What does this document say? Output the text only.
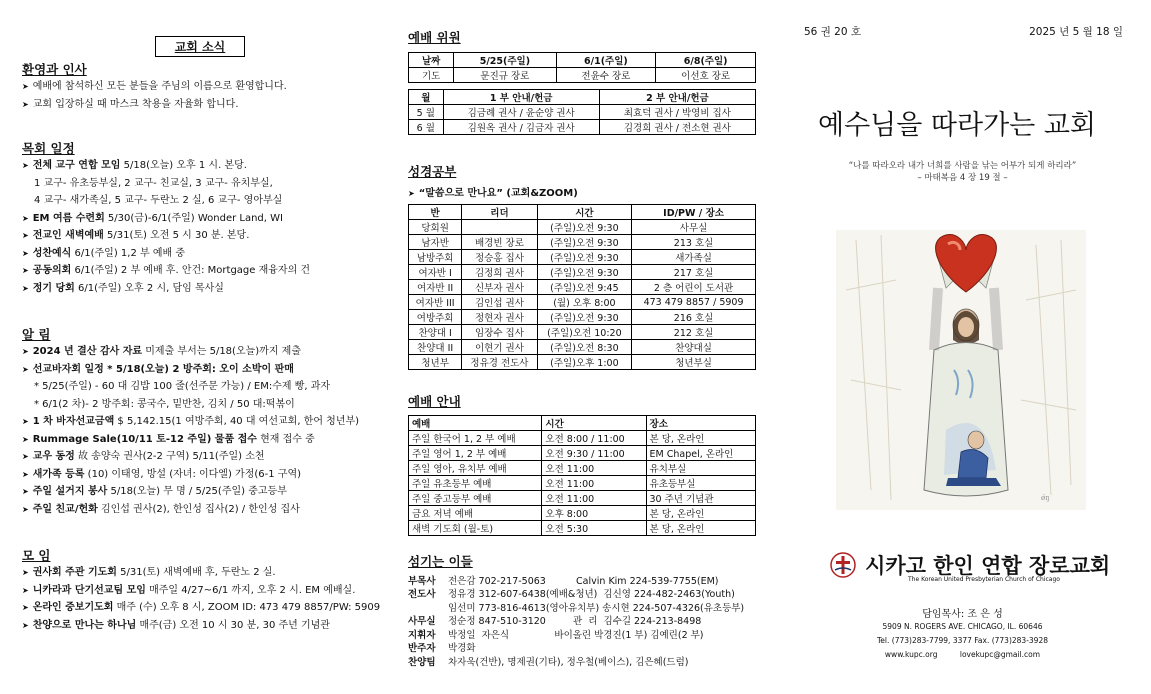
교회 소식

환영과 인사

➤ 예배에 참석하신 모든 분들을 주님의 이름으로 환영합니다.
➤ 교회 입장하실 때 마스크 착용을 자율화 합니다.

목회 일정

➤ 전체 교구 연합 모임 5/18(오늘) 오후 1 시. 본당.
1 교구- 유초등부실, 2 교구- 친교실, 3 교구- 유치부실,
4 교구- 새가족실, 5 교구- 두란노 2 실, 6 교구- 영아부실
➤ EM 여름 수련회 5/30(금)-6/1(주일) Wonder Land, WI
➤ 전교인 새벽예배 5/31(토) 오전 5 시 30 분. 본당.
➤ 성찬예식 6/1(주일) 1,2 부 예배 중
➤ 공동의회 6/1(주일) 2 부 예배 후. 안건: Mortgage 재융자의 건
➤ 정기 당회 6/1(주일) 오후 2 시, 담임 목사실

알 림

➤ 2024 년 결산 감사 자료 미제출 부서는 5/18(오늘)까지 제출
➤ 선교바자회 일정 * 5/18(오늘) 2 방주회: 오이 소박이 판매
* 5/25(주일) - 60 대 김밥 100 줄(선주문 가능) / EM:수제 빵, 과자
* 6/1(2 차)- 2 방주회: 콩국수, 밑반찬, 김치 / 50 대:떡볶이
➤ 1 차 바자선교금액 $ 5,142.15(1 여방주회, 40 대 여선교회, 한어 청년부)
➤ Rummage Sale(10/11 토-12 주일) 물품 접수 현재 접수 중
➤ 교우 동정 故 송양숙 권사(2-2 구역) 5/11(주일) 소천
➤ 새가족 등록 (10) 이태영, 방설 (자녀: 이다엘) 가정(6-1 구역)
➤ 주일 설거지 봉사 5/18(오늘) 무 명 / 5/25(주일) 중고등부
➤ 주일 친교/헌화 김인섭 권사(2), 한인성 집사(2) / 한인성 집사

모 임

➤ 권사회 주관 기도회 5/31(토) 새벽예배 후, 두란노 2 실.
➤ 니카라과 단기선교팀 모임 매주일 4/27~6/1 까지, 오후 2 시. EM 예배실.
➤ 온라인 중보기도회 매주 (수) 오후 8 시, ZOOM ID: 473 479 8857/PW: 5909
➤ 찬양으로 만나는 하나님 매주(금) 오전 10 시 30 분, 30 주년 기념관

예배 위원

날짜	5/25(주일)	6/1(주일)	6/8(주일)
기도	문진규 장로	전윤수 장로	이선호 장로
월	1 부 안내/헌금	2 부 안내/헌금
5 월	김금례 권사 / 윤순양 권사	최효덕 권사 / 박영비 집사
6 월	김원옥 권사 / 김금자 권사	김경희 권사 / 전소현 권사

성경공부

➤ “말씀으로 만나요” (교회&ZOOM)
반	리더	시간	ID/PW / 장소
당회원		(주일)오전 9:30	사무실
남자반	배경빈 장로	(주일)오전 9:30	213 호실
남방주회	정승홍 집사	(주일)오전 9:30	새가족실
여자반 I	김정희 권사	(주일)오전 9:30	217 호실
여자반 II	신부자 권사	(주일)오전 9:45	2 층 어린이 도서관
여자반 III	김인섭 권사	(월) 오후 8:00	473 479 8857 / 5909
여방주회	정현자 권사	(주일)오전 9:30	216 호실
찬양대 I	임장수 집사	(주일)오전 10:20	212 호실
찬양대 II	이현기 권사	(주일)오전 8:30	찬양대실
청년부	정유경 전도사	(주일)오후 1:00	청년부실

예배 안내

예배	시간	장소
주일 한국어 1, 2 부 예배	오전 8:00 / 11:00	본 당, 온라인
주일 영어 1, 2 부 예배	오전 9:30 / 11:00	EM Chapel, 온라인
주일 영아, 유치부 예배	오전 11:00	유치부실
주일 유초등부 예배	오전 11:00	유초등부실
주일 중고등부 예배	오전 11:00	30 주년 기념관
금요 저녁 예배	오후 8:00	본 당, 온라인
새벽 기도회 (월-토)	오전 5:30	본 당, 온라인

섬기는 이들

부목사 전은감 702-217-5063          Calvin Kim 224-539-7755(EM)
전도사 정유경 312-607-6438(예배&청년)  김신영 224-482-2463(Youth)
임선미 773-816-4613(영아유치부) 송시현 224-507-4326(유초등부)
사무실 정순정 847-510-3120         관  리  김수길 224-213-8498
지휘자 박정일  자은식               바이올린 박경진(1 부) 김예린(2 부)
반주자 박경화
찬양팀 차자욱(건반), 명제권(기타), 정우철(베이스), 김은혜(드럼)
56 권 20 호	2025 년 5 월 18 일
예수님을 따라가는 교회
“나를 따라오라 내가 너희를 사람을 낚는 어부가 되게 하리라”
– 마태복음 4 장 19 절 –
ǿŋ
시카고 한인 연합 장로교회
The Korean United Presbyterian Church of Chicago
담임목사: 조 은 성
5909 N. ROGERS AVE. CHICAGO, IL. 60646
Tel. (773)283-7799, 3377 Fax. (773)283-3928
www.kupc.org	lovekupc@gmail.com
